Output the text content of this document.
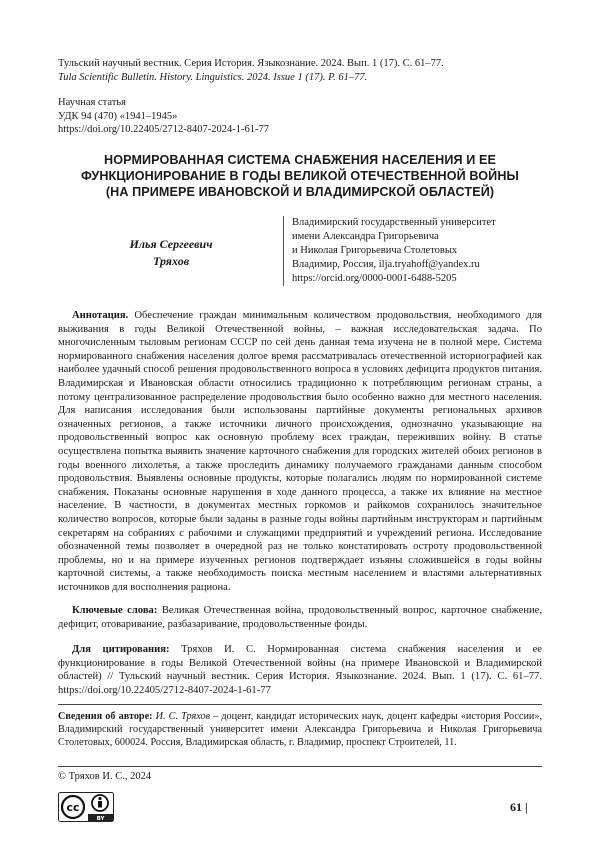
Тульский научный вестник. Серия История. Языкознание. 2024. Вып. 1 (17). С. 61–77.
Tula Scientific Bulletin. History. Linguistics. 2024. Issue 1 (17). P. 61–77.
Научная статья
УДК 94 (470) «1941–1945»
https://doi.org/10.22405/2712-8407-2024-1-61-77
НОРМИРОВАННАЯ СИСТЕМА СНАБЖЕНИЯ НАСЕЛЕНИЯ И ЕЕ
ФУНКЦИОНИРОВАНИЕ В ГОДЫ ВЕЛИКОЙ ОТЕЧЕСТВЕННОЙ ВОЙНЫ
(НА ПРИМЕРЕ ИВАНОВСКОЙ И ВЛАДИМИРСКОЙ ОБЛАСТЕЙ)
Илья Сергеевич
Тряхов
Владимирский государственный университет
имени Александра Григорьевича
и Николая Григорьевича Столетовых
Владимир, Россия, ilja.tryahoff@yandex.ru
https://orcid.org/0000-0001-6488-5205
Аннотация. Обеспечение граждан минимальным количеством продовольствия, необходимого для выживания в годы Великой Отечественной войны, – важная исследовательская задача. По многочисленным тыловым регионам СССР по сей день данная тема изучена не в полной мере. Система нормированного снабжения населения долгое время рассматривалась отечественной историографией как наиболее удачный способ решения продовольственного вопроса в условиях дефицита продуктов питания. Владимирская и Ивановская области относились традиционно к потребляющим регионам страны, а потому централизованное распределение продовольствия было особенно важно для местного населения. Для написания исследования были использованы партийные документы региональных архивов означенных регионов, а также источники личного происхождения, однозначно указывающие на продовольственный вопрос как основную проблему всех граждан, переживших войну. В статье осуществлена попытка выявить значение карточного снабжения для городских жителей обоих регионов в годы военного лихолетья, а также проследить динамику получаемого гражданами данным способом продовольствия. Выявлены основные продукты, которые полагались людям по нормированной системе снабжения. Показаны основные нарушения в ходе данного процесса, а также их влияние на местное население. В частности, в документах местных горкомов и райкомов сохранилось значительное количество вопросов, которые были заданы в разные годы войны партийным инструкторам и партийным секретарям на собраниях с рабочими и служащими предприятий и учреждений региона. Исследование обозначенной темы позволяет в очередной раз не только констатировать остроту продовольственной проблемы, но и на примере изученных регионов подтверждает изъяны сложившейся в годы войны карточной системы, а также необходимость поиска местным населением и властями альтернативных источников для восполнения рациона.
Ключевые слова: Великая Отечественная война, продовольственный вопрос, карточное снабжение, дефицит, отоваривание, разбазаривание, продовольственные фонды.
Для цитирования: Тряхов И. С. Нормированная система снабжения населения и ее функционирование в годы Великой Отечественной войны (на примере Ивановской и Владимирской областей) // Тульский научный вестник. Серия История. Языкознание. 2024. Вып. 1 (17). С. 61–77. https://doi.org/10.22405/2712-8407-2024-1-61-77
Сведения об авторе: И. С. Тряхов – доцент, кандидат исторических наук, доцент кафедры «история России», Владимирский государственный университет имени Александра Григорьевича и Николая Григорьевича Столетовых, 600024. Россия, Владимирская область, г. Владимир, проспект Строителей, 11.
© Тряхов И. С., 2024
cc
BY
61 |
